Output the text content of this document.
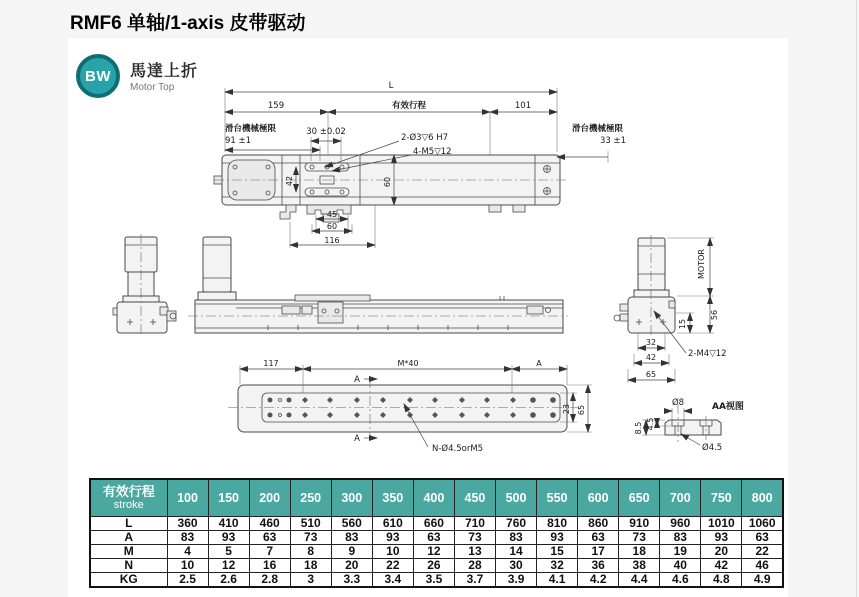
RMF6 单轴/1-axis 皮带驱动
BW	馬達上折
Motor Top	L
159	有效行程	101
滑台機械極限
91 ±1
30 ±0.02
2-Ø3▽6 H7
4-M5▽12
滑台機械極限
33 ±1
42	60
45
60
116
2-M4▽12
MOTOR
56
15
32
42
65
A
A
117	M*40	A
N-Ø4.5orM5
23 65
Ø8	AA视图
Ø4.5
8.5 4.5
有效行程
stroke	100	150	200	250	300	350	400	450	500	550	600	650	700	750	800
L	360	410	460	510	560	610	660	710	760	810	860	910	960	1010	1060
A	83	93	63	73	83	93	63	73	83	93	63	73	83	93	63
M	4	5	7	8	9	10	12	13	14	15	17	18	19	20	22
N	10	12	16	18	20	22	26	28	30	32	36	38	40	42	46
KG	2.5	2.6	2.8	3	3.3	3.4	3.5	3.7	3.9	4.1	4.2	4.4	4.6	4.8	4.9
